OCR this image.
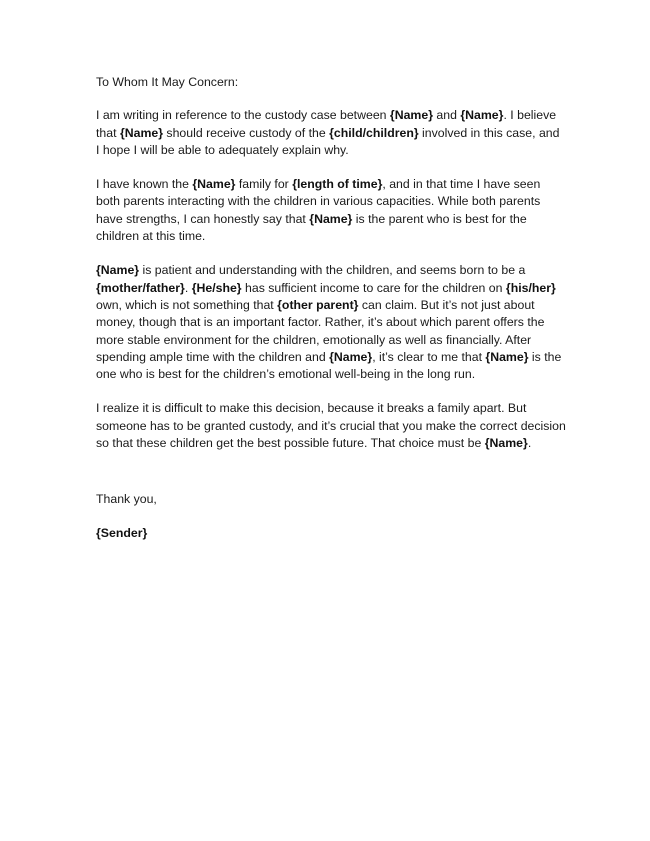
To Whom It May Concern:

I am writing in reference to the custody case between {Name} and {Name}. I believe that {Name} should receive custody of the {child/children} involved in this case, and I hope I will be able to adequately explain why.

I have known the {Name} family for {length of time}, and in that time I have seen both parents interacting with the children in various capacities. While both parents have strengths, I can honestly say that {Name} is the parent who is best for the children at this time.

{Name} is patient and understanding with the children, and seems born to be a {mother/father}. {He/she} has sufficient income to care for the children on {his/her} own, which is not something that {other parent} can claim. But it’s not just about money, though that is an important factor. Rather, it’s about which parent offers the more stable environment for the children, emotionally as well as financially. After spending ample time with the children and {Name}, it’s clear to me that {Name} is the one who is best for the children’s emotional well-being in the long run.

I realize it is difficult to make this decision, because it breaks a family apart. But someone has to be granted custody, and it’s crucial that you make the correct decision so that these children get the best possible future. That choice must be {Name}.

Thank you,

{Sender}
